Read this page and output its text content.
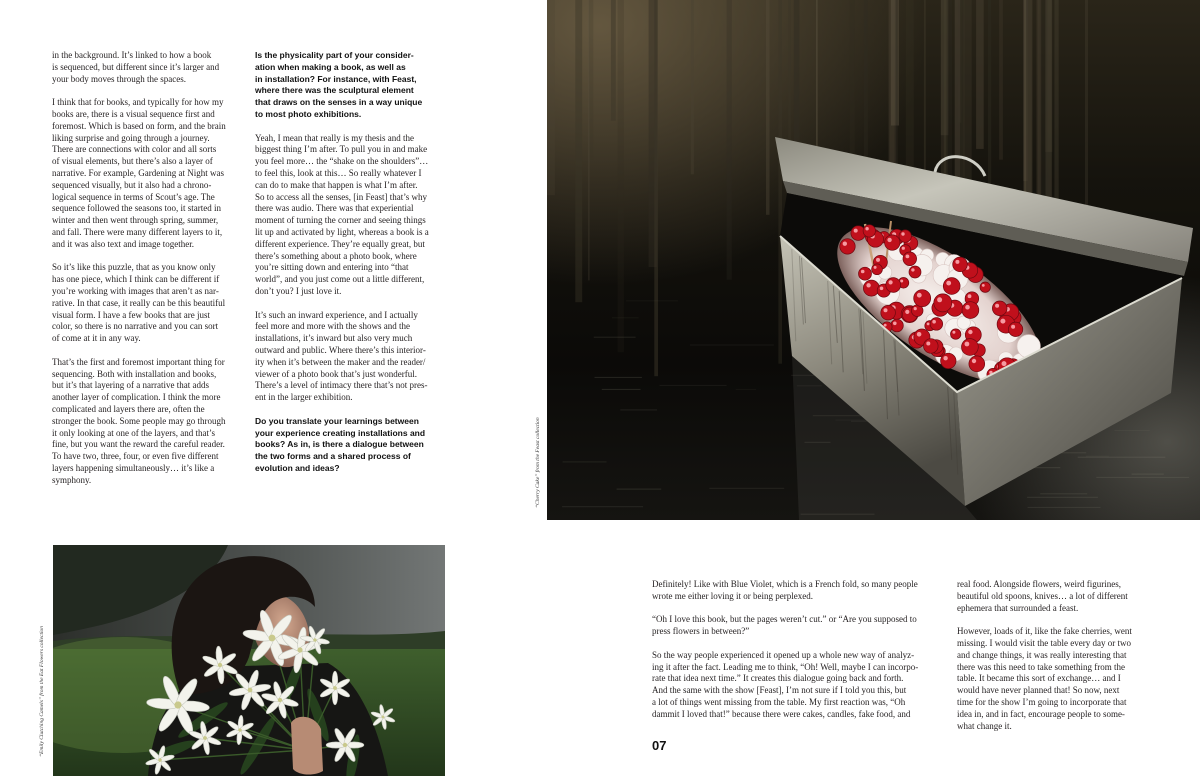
in the background. It’s linked to how a book
is sequenced, but different since it’s larger and
your body moves through the spaces.

I think that for books, and typically for how my
books are, there is a visual sequence first and
foremost. Which is based on form, and the brain
liking surprise and going through a journey.
There are connections with color and all sorts
of visual elements, but there’s also a layer of
narrative. For example, Gardening at Night was
sequenced visually, but it also had a chrono-
logical sequence in terms of Scout’s age. The
sequence followed the seasons too, it started in
winter and then went through spring, summer,
and fall. There were many different layers to it,
and it was also text and image together.

So it’s like this puzzle, that as you know only
has one piece, which I think can be different if
you’re working with images that aren’t as nar-
rative. In that case, it really can be this beautiful
visual form. I have a few books that are just
color, so there is no narrative and you can sort
of come at it in any way.

That’s the first and foremost important thing for
sequencing. Both with installation and books,
but it’s that layering of a narrative that adds
another layer of complication. I think the more
complicated and layers there are, often the
stronger the book. Some people may go through
it only looking at one of the layers, and that’s
fine, but you want the reward the careful reader.
To have two, three, four, or even five different
layers happening simultaneously… it’s like a
symphony.

Is the physicality part of your consider-
ation when making a book, as well as
in installation? For instance, with Feast,
where there was the sculptural element
that draws on the senses in a way unique
to most photo exhibitions.

Yeah, I mean that really is my thesis and the
biggest thing I’m after. To pull you in and make
you feel more… the “shake on the shoulders”…
to feel this, look at this… So really whatever I
can do to make that happen is what I’m after.
So to access all the senses, [in Feast] that’s why
there was audio. There was that experiential
moment of turning the corner and seeing things
lit up and activated by light, whereas a book is a
different experience. They’re equally great, but
there’s something about a photo book, where
you’re sitting down and entering into “that
world”, and you just come out a little different,
don’t you? I just love it.

It’s such an inward experience, and I actually
feel more and more with the shows and the
installations, it’s inward but also very much
outward and public. Where there’s this interior-
ity when it’s between the maker and the reader/
viewer of a photo book that’s just wonderful.
There’s a level of intimacy there that’s not pres-
ent in the larger exhibition.

Do you translate your learnings between
your experience creating installations and
books? As in, is there a dialogue between
the two forms and a shared process of
evolution and ideas?

“Emily Clutching Camels” from the Eat Flowers collection
“Cherry Cake” from the Feast collection

Definitely! Like with Blue Violet, which is a French fold, so many people
wrote me either loving it or being perplexed.

“Oh I love this book, but the pages weren’t cut.” or “Are you supposed to
press flowers in between?”

So the way people experienced it opened up a whole new way of analyz-
ing it after the fact. Leading me to think, “Oh! Well, maybe I can incorpo-
rate that idea next time.” It creates this dialogue going back and forth.
And the same with the show [Feast], I’m not sure if I told you this, but
a lot of things went missing from the table. My first reaction was, “Oh
dammit I loved that!” because there were cakes, candles, fake food, and

real food. Alongside flowers, weird figurines,
beautiful old spoons, knives… a lot of different
ephemera that surrounded a feast.

However, loads of it, like the fake cherries, went
missing. I would visit the table every day or two
and change things, it was really interesting that
there was this need to take something from the
table. It became this sort of exchange… and I
would have never planned that! So now, next
time for the show I’m going to incorporate that
idea in, and in fact, encourage people to some-
what change it.

07
